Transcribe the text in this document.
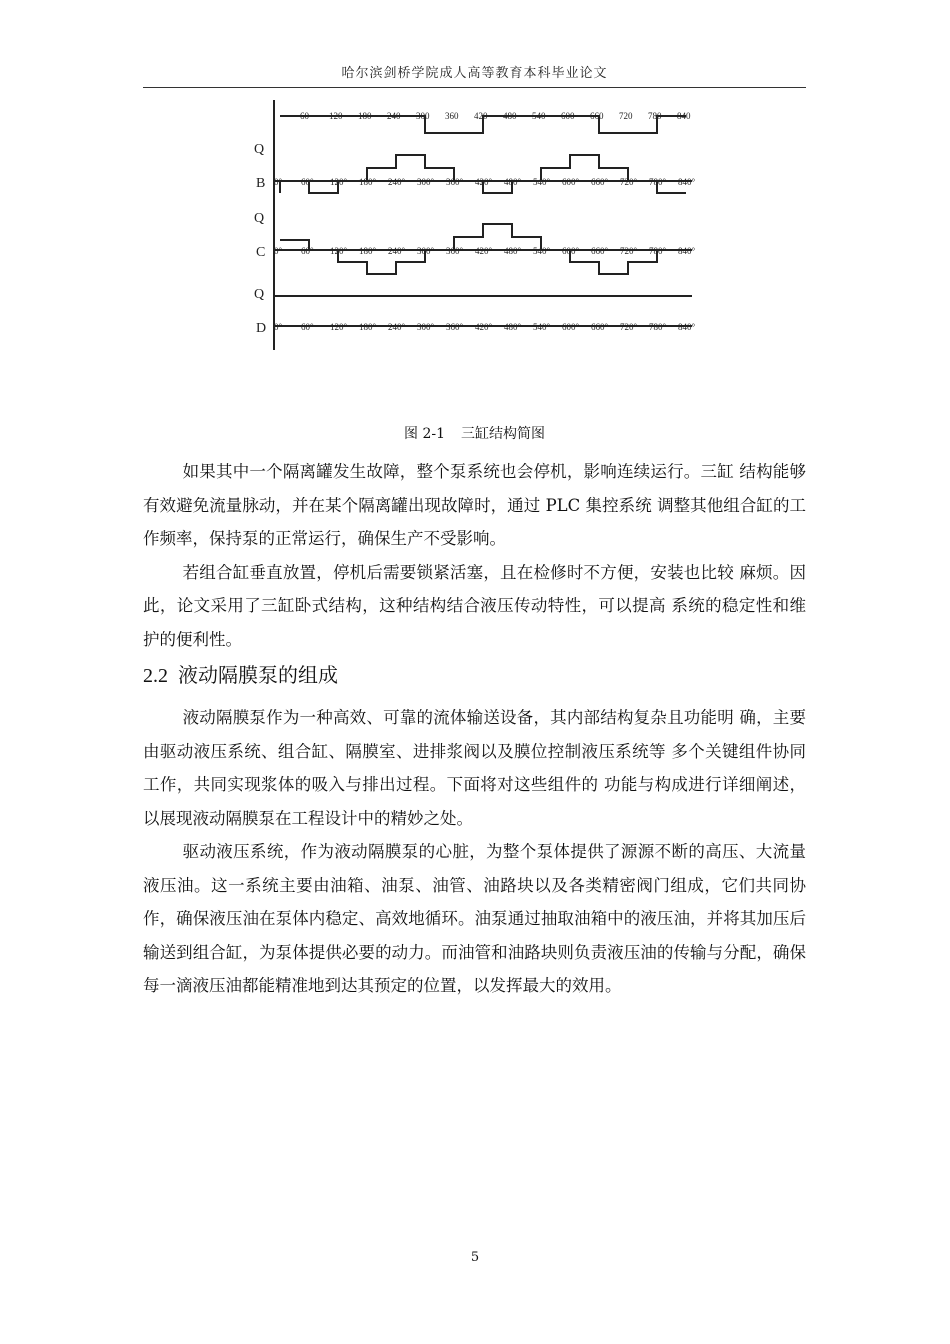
哈尔滨剑桥学院成人高等教育本科毕业论文
60 120 180 240 300 360 420 480 540 600 660 720 780 840
Q
B 0° 60° 120° 180° 240° 300° 360° 420° 480° 540° 600° 660° 720° 780° 840°
Q
C 0° 60° 120° 180° 240° 300° 360° 420° 480° 540° 600° 660° 720° 780° 840°
Q
D 0° 60° 120° 180° 240° 300° 360° 420° 480° 540° 600° 660° 720° 780° 840°
图 2-1 三缸结构简图

如果其中一个隔离罐发生故障，整个泵系统也会停机，影响连续运行。三缸 结构能够有效避免流量脉动，并在某个隔离罐出现故障时，通过 PLC 集控系统 调整其他组合缸的工作频率，保持泵的正常运行，确保生产不受影响。

若组合缸垂直放置，停机后需要锁紧活塞，且在检修时不方便，安装也比较 麻烦。因此，论文采用了三缸卧式结构，这种结构结合液压传动特性，可以提高 系统的稳定性和维护的便利性。

2.2 液动隔膜泵的组成

液动隔膜泵作为一种高效、可靠的流体输送设备，其内部结构复杂且功能明 确，主要由驱动液压系统、组合缸、隔膜室、进排浆阀以及膜位控制液压系统等 多个关键组件协同工作，共同实现浆体的吸入与排出过程。下面将对这些组件的 功能与构成进行详细阐述，以展现液动隔膜泵在工程设计中的精妙之处。

驱动液压系统，作为液动隔膜泵的心脏，为整个泵体提供了源源不断的高压、大流量液压油。这一系统主要由油箱、油泵、油管、油路块以及各类精密阀门组成，它们共同协作，确保液压油在泵体内稳定、高效地循环。油泵通过抽取油箱中的液压油，并将其加压后输送到组合缸，为泵体提供必要的动力。而油管和油路块则负责液压油的传输与分配，确保每一滴液压油都能精准地到达其预定的位置，以发挥最大的效用。

5
